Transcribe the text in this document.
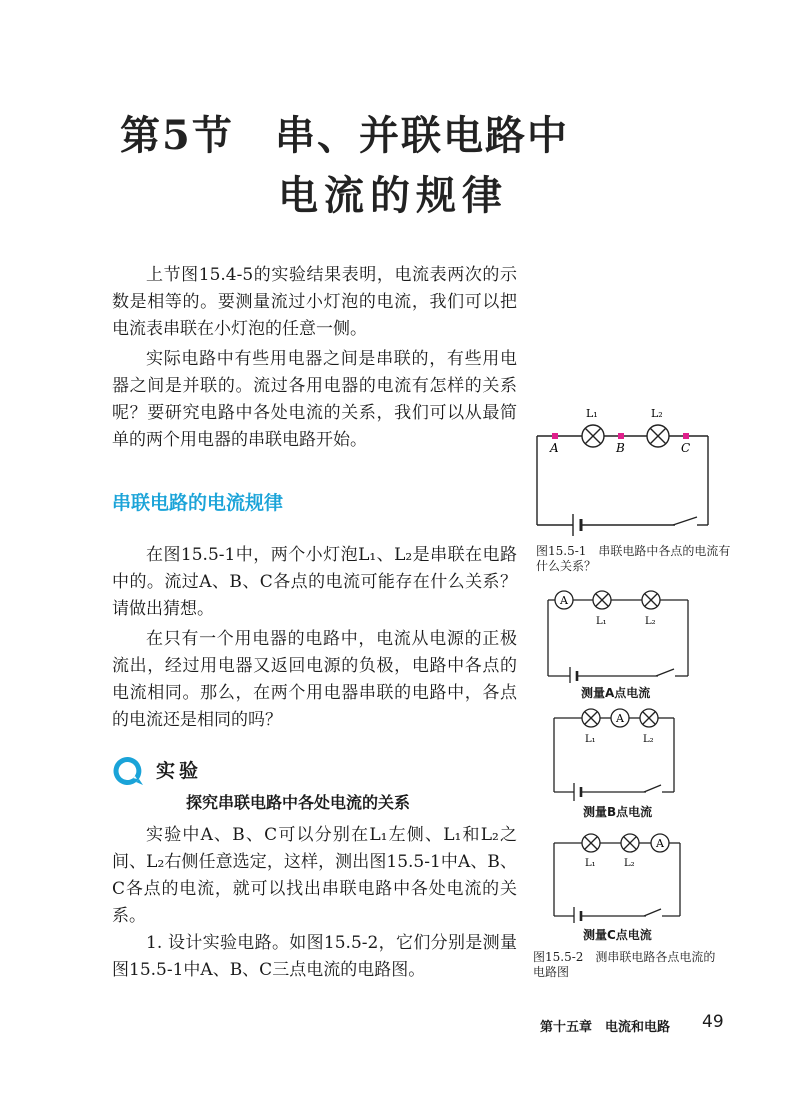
第5节 串、并联电路中
电流的规律
上节图15.4-5的实验结果表明，电流表两次的示数是相等的。要测量流过小灯泡的电流，我们可以把电流表串联在小灯泡的任意一侧。
实际电路中有些用电器之间是串联的，有些用电器之间是并联的。流过各用电器的电流有怎样的关系呢？要研究电路中各处电流的关系，我们可以从最简单的两个用电器的串联电路开始。
串联电路的电流规律
在图15.5-1中，两个小灯泡L₁、L₂是串联在电路中的。流过A、B、C各点的电流可能存在什么关系？请做出猜想。
在只有一个用电器的电路中，电流从电源的正极流出，经过用电器又返回电源的负极，电路中各点的电流相同。那么，在两个用电器串联的电路中，各点的电流还是相同的吗？
实验
探究串联电路中各处电流的关系
实验中A、B、C可以分别在L₁左侧、L₁和L₂之间、L₂右侧任意选定，这样，测出图15.5-1中A、B、C各点的电流，就可以找出串联电路中各处电流的关系。
1. 设计实验电路。如图15.5-2，它们分别是测量图15.5-1中A、B、C三点电流的电路图。
L₁	L₂
A	B	C
图15.5-1　串联电路中各点的电流有什么关系？
A
L₁	L₂
测量A点电流
A
L₁	L₂
测量B点电流
A
L₁	L₂
测量C点电流
图15.5-2　测串联电路各点电流的电路图
第十五章　电流和电路 49
